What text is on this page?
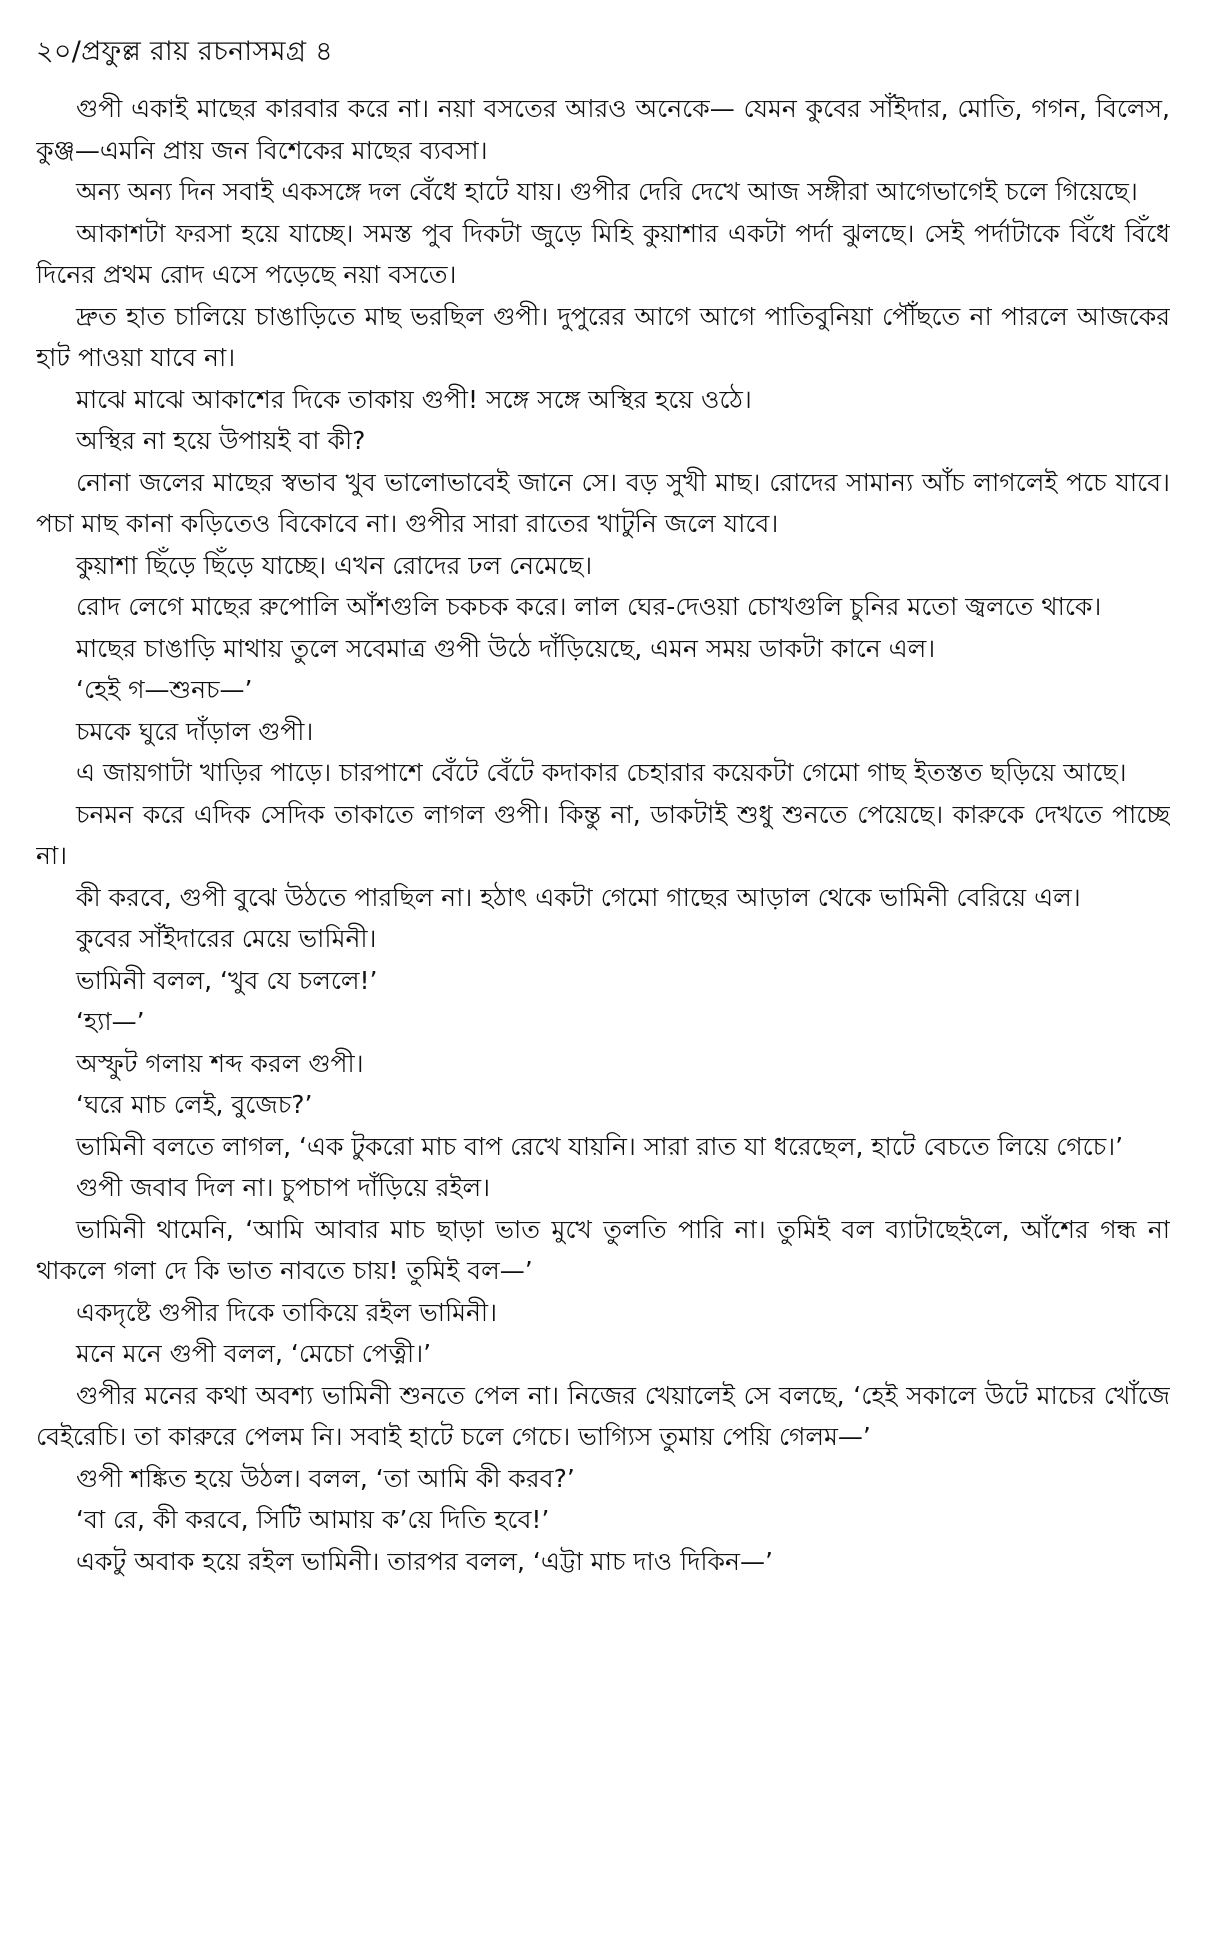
২০/প্রফুল্ল রায় রচনাসমগ্র ৪

গুপী একাই মাছের কারবার করে না। নয়া বসতের আরও অনেকে— যেমন কুবের সাঁইদার, মোতি, গগন, বিলেস, কুঞ্জ—এমনি প্রায় জন বিশেকের মাছের ব্যবসা।

অন্য অন্য দিন সবাই একসঙ্গে দল বেঁধে হাটে যায়। গুপীর দেরি দেখে আজ সঙ্গীরা আগেভাগেই চলে গিয়েছে।

আকাশটা ফরসা হয়ে যাচ্ছে। সমস্ত পুব দিকটা জুড়ে মিহি কুয়াশার একটা পর্দা ঝুলছে। সেই পর্দাটাকে বিঁধে বিঁধে দিনের প্রথম রোদ এসে পড়েছে নয়া বসতে।

দ্রুত হাত চালিয়ে চাঙাড়িতে মাছ ভরছিল গুপী। দুপুরের আগে আগে পাতিবুনিয়া পৌঁছতে না পারলে আজকের হাট পাওয়া যাবে না।

মাঝে মাঝে আকাশের দিকে তাকায় গুপী! সঙ্গে সঙ্গে অস্থির হয়ে ওঠে।

অস্থির না হয়ে উপায়ই বা কী?

নোনা জলের মাছের স্বভাব খুব ভালোভাবেই জানে সে। বড় সুখী মাছ। রোদের সামান্য আঁচ লাগলেই পচে যাবে। পচা মাছ কানা কড়িতেও বিকোবে না। গুপীর সারা রাতের খাটুনি জলে যাবে।

কুয়াশা ছিঁড়ে ছিঁড়ে যাচ্ছে। এখন রোদের ঢল নেমেছে।

রোদ লেগে মাছের রুপোলি আঁশগুলি চকচক করে। লাল ঘের-দেওয়া চোখগুলি চুনির মতো জ্বলতে থাকে।

মাছের চাঙাড়ি মাথায় তুলে সবেমাত্র গুপী উঠে দাঁড়িয়েছে, এমন সময় ডাকটা কানে এল।

‘হেই গ—শুনচ—’

চমকে ঘুরে দাঁড়াল গুপী।

এ জায়গাটা খাড়ির পাড়ে। চারপাশে বেঁটে বেঁটে কদাকার চেহারার কয়েকটা গেমো গাছ ইতস্তত ছড়িয়ে আছে।

চনমন করে এদিক সেদিক তাকাতে লাগল গুপী। কিন্তু না, ডাকটাই শুধু শুনতে পেয়েছে। কারুকে দেখতে পাচ্ছে না।

কী করবে, গুপী বুঝে উঠতে পারছিল না। হঠাৎ একটা গেমো গাছের আড়াল থেকে ভামিনী বেরিয়ে এল।

কুবের সাঁইদারের মেয়ে ভামিনী।

ভামিনী বলল, ‘খুব যে চললে!’

‘হ্যা—’

অস্ফুট গলায় শব্দ করল গুপী।

‘ঘরে মাচ লেই, বুজেচ?’

ভামিনী বলতে লাগল, ‘এক টুকরো মাচ বাপ রেখে যায়নি। সারা রাত যা ধরেছেল, হাটে বেচতে লিয়ে গেচে।’

গুপী জবাব দিল না। চুপচাপ দাঁড়িয়ে রইল।

ভামিনী থামেনি, ‘আমি আবার মাচ ছাড়া ভাত মুখে তুলতি পারি না। তুমিই বল ব্যাটাছেইলে, আঁশের গন্ধ না থাকলে গলা দে কি ভাত নাবতে চায়! তুমিই বল—’

একদৃষ্টে গুপীর দিকে তাকিয়ে রইল ভামিনী।

মনে মনে গুপী বলল, ‘মেচো পেত্নী।’

গুপীর মনের কথা অবশ্য ভামিনী শুনতে পেল না। নিজের খেয়ালেই সে বলছে, ‘হেই সকালে উটে মাচের খোঁজে বেইরেচি। তা কারুরে পেলম নি। সবাই হাটে চলে গেচে। ভাগ্যিস তুমায় পেয়ি গেলম—’

গুপী শঙ্কিত হয়ে উঠল। বলল, ‘তা আমি কী করব?’

‘বা রে, কী করবে, সিটি আমায় ক’য়ে দিতি হবে!’

একটু অবাক হয়ে রইল ভামিনী। তারপর বলল, ‘এট্টা মাচ দাও দিকিন—’
